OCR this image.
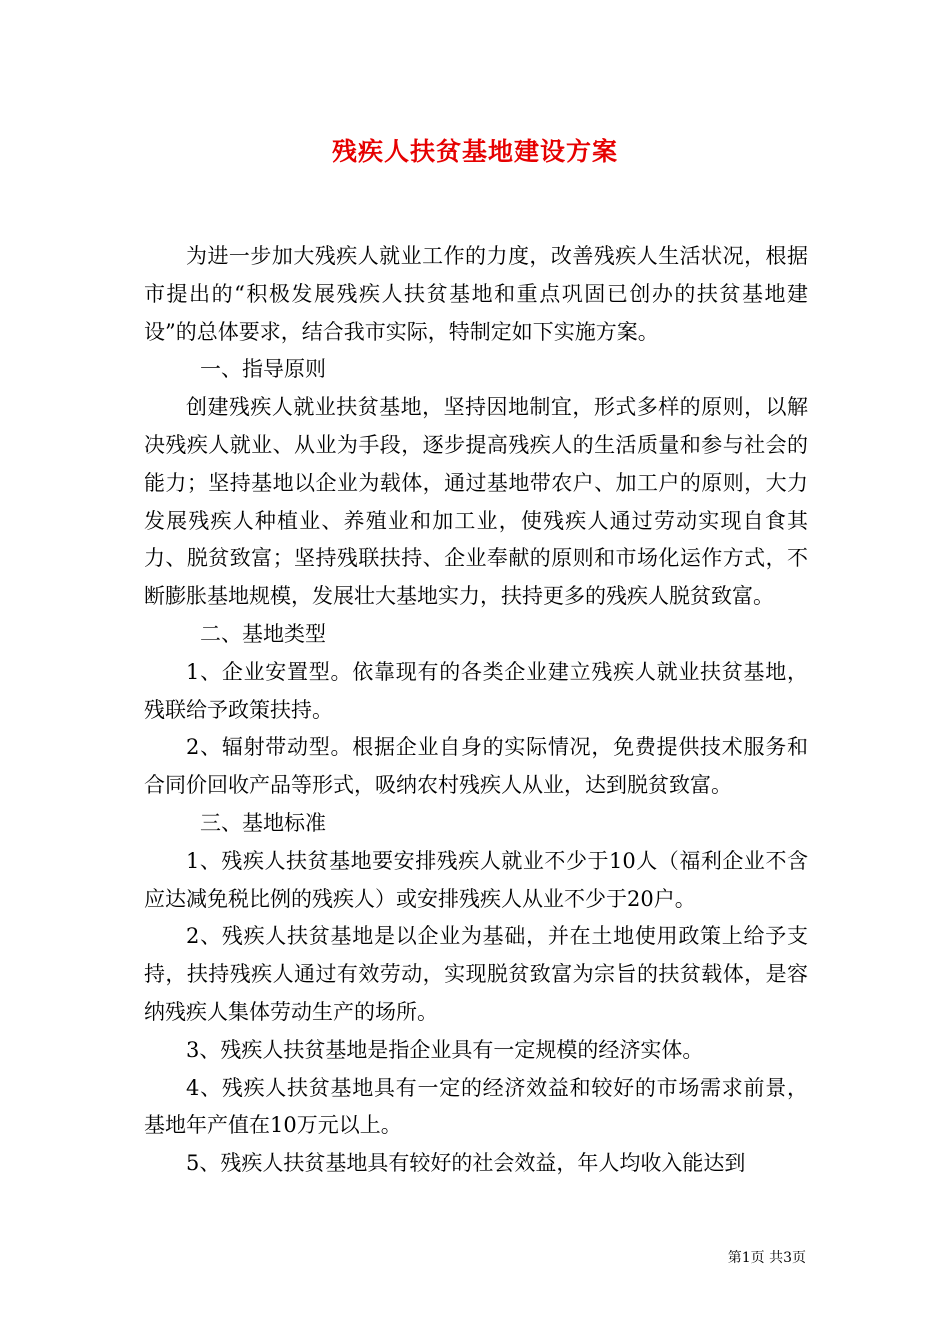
残疾人扶贫基地建设方案

为进一步加大残疾人就业工作的力度，改善残疾人生活状况，根据市提出的“积极发展残疾人扶贫基地和重点巩固已创办的扶贫基地建设”的总体要求，结合我市实际，特制定如下实施方案。

一、指导原则

创建残疾人就业扶贫基地，坚持因地制宜，形式多样的原则，以解决残疾人就业、从业为手段，逐步提高残疾人的生活质量和参与社会的能力；坚持基地以企业为载体，通过基地带农户、加工户的原则，大力发展残疾人种植业、养殖业和加工业，使残疾人通过劳动实现自食其力、脱贫致富；坚持残联扶持、企业奉献的原则和市场化运作方式，不断膨胀基地规模，发展壮大基地实力，扶持更多的残疾人脱贫致富。

二、基地类型

1、企业安置型。依靠现有的各类企业建立残疾人就业扶贫基地，残联给予政策扶持。

2、辐射带动型。根据企业自身的实际情况，免费提供技术服务和合同价回收产品等形式，吸纳农村残疾人从业，达到脱贫致富。

三、基地标准

1、残疾人扶贫基地要安排残疾人就业不少于10人（福利企业不含应达减免税比例的残疾人）或安排残疾人从业不少于20户。

2、残疾人扶贫基地是以企业为基础，并在土地使用政策上给予支持，扶持残疾人通过有效劳动，实现脱贫致富为宗旨的扶贫载体，是容纳残疾人集体劳动生产的场所。

3、残疾人扶贫基地是指企业具有一定规模的经济实体。

4、残疾人扶贫基地具有一定的经济效益和较好的市场需求前景，基地年产值在10万元以上。

5、残疾人扶贫基地具有较好的社会效益，年人均收入能达到

第1页 共3页
